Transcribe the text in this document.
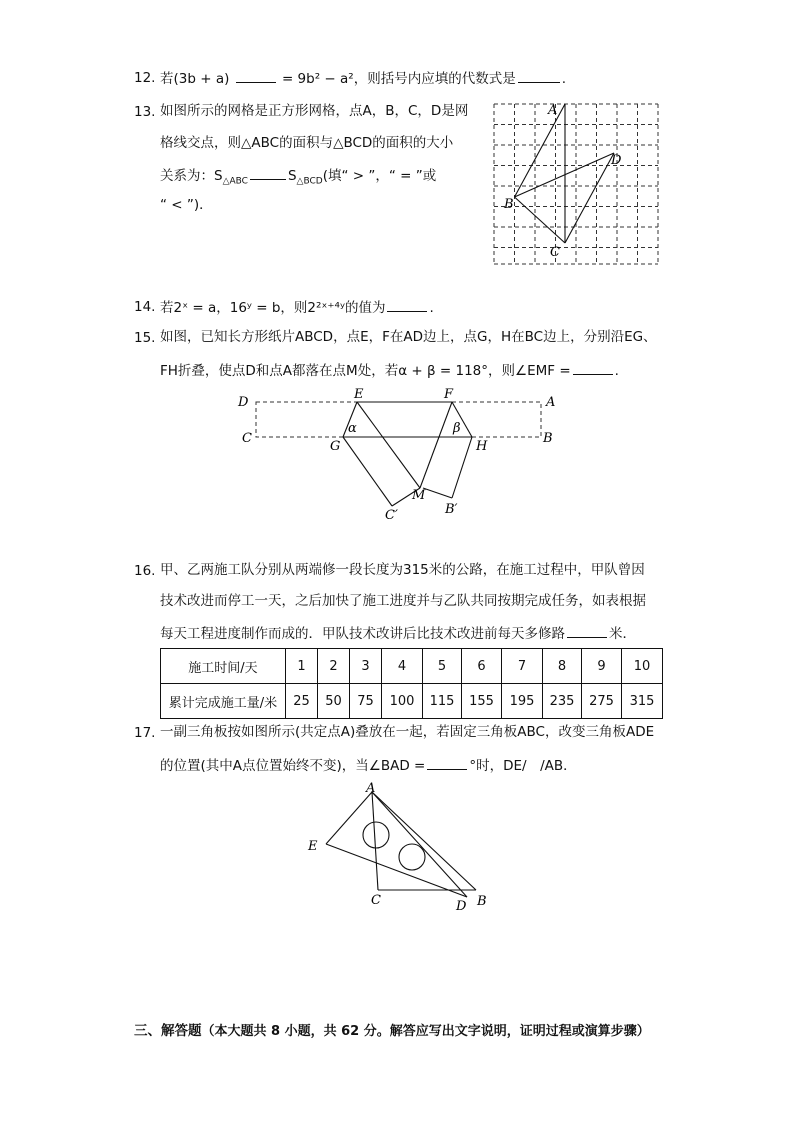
12. 若(3b + a)	= 9b² − a²，则括号内应填的代数式是	.
13. 如图所示的网格是正方形网格，点A，B，C，D是网
格线交点，则△ABC的面积与△BCD的面积的大小
关系为：$S_{\triangle ABC}$	$S_{\triangle BCD}$(填“ > ”，“ = ”或
“ < ”)．
A
B
C
D
14. 若2ˣ = a，16ʸ = b，则2²ˣ⁺⁴ʸ的值为	.
15. 如图，已知长方形纸片ABCD，点E，F在AD边上，点G，H在BC边上，分别沿EG、
FH折叠，使点D和点A都落在点M处，若α + β = 118°，则∠EMF =	.
D
C
E	F
A
B
G	H
M
C′	B′
α	β
16. 甲、乙两施工队分别从两端修一段长度为315米的公路，在施工过程中，甲队曾因
技术改进而停工一天，之后加快了施工进度并与乙队共同按期完成任务，如表根据
每天工程进度制作而成的．甲队技术改讲后比技术改进前每天多修路	米．
施工时间/天	1	2	3	4	5	6	7	8	9	10
累计完成施工量/米	25	50	75	100	115	155	195	235	275	315
17. 一副三角板按如图所示(共定点A)叠放在一起，若固定三角板ABC，改变三角板ADE
的位置(其中A点位置始终不变)，当∠BAD =	°时，DE/　/AB．
A
E
C	D B
三、解答题（本大题共 8 小题，共 62 分。解答应写出文字说明，证明过程或演算步骤）
